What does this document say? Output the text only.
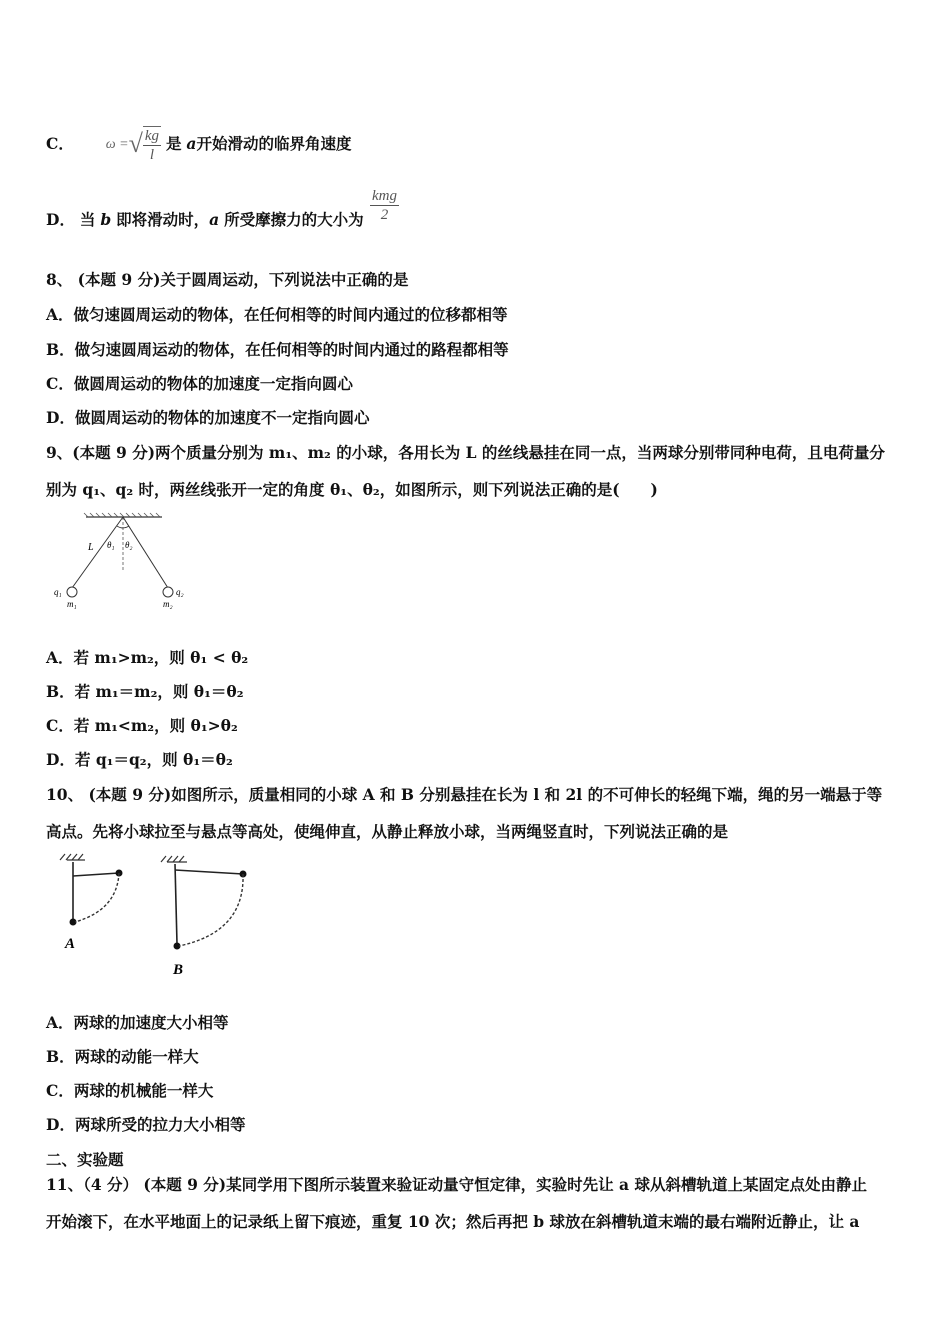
C． ω =√ $\frac{kg}{l}$ 是 a开始滑动的临界角速度
D． 当 b 即将滑动时，a 所受摩擦力的大小为 $\frac{\text{kmg}}{2}$
8、 (本题 9 分)关于圆周运动，下列说法中正确的是
A．做匀速圆周运动的物体，在任何相等的时间内通过的位移都相等
B．做匀速圆周运动的物体，在任何相等的时间内通过的路程都相等
C．做圆周运动的物体的加速度一定指向圆心
D．做圆周运动的物体的加速度不一定指向圆心
9、(本题 9 分)两个质量分别为 m₁、m₂ 的小球，各用长为 L 的丝线悬挂在同一点，当两球分别带同种电荷，且电荷量分
别为 q₁、q₂ 时，两丝线张开一定的角度 θ₁、θ₂，如图所示，则下列说法正确的是(　　)
L θ₁ θ₂
q₁	q₂
m₁	m₂
A．若 m₁>m₂，则 θ₁ < θ₂
B．若 m₁＝m₂，则 θ₁＝θ₂
C．若 m₁<m₂，则 θ₁>θ₂
D．若 q₁＝q₂，则 θ₁＝θ₂
10、 (本题 9 分)如图所示，质量相同的小球 A 和 B 分别悬挂在长为 l 和 2l 的不可伸长的轻绳下端，绳的另一端悬于等
高点。先将小球拉至与悬点等高处，使绳伸直，从静止释放小球，当两绳竖直时，下列说法正确的是
A
B
A．两球的加速度大小相等
B．两球的动能一样大
C．两球的机械能一样大
D．两球所受的拉力大小相等
二、实验题
11、（4 分） (本题 9 分)某同学用下图所示装置来验证动量守恒定律，实验时先让 a 球从斜槽轨道上某固定点处由静止
开始滚下，在水平地面上的记录纸上留下痕迹，重复 10 次；然后再把 b 球放在斜槽轨道末端的最右端附近静止，让 a
